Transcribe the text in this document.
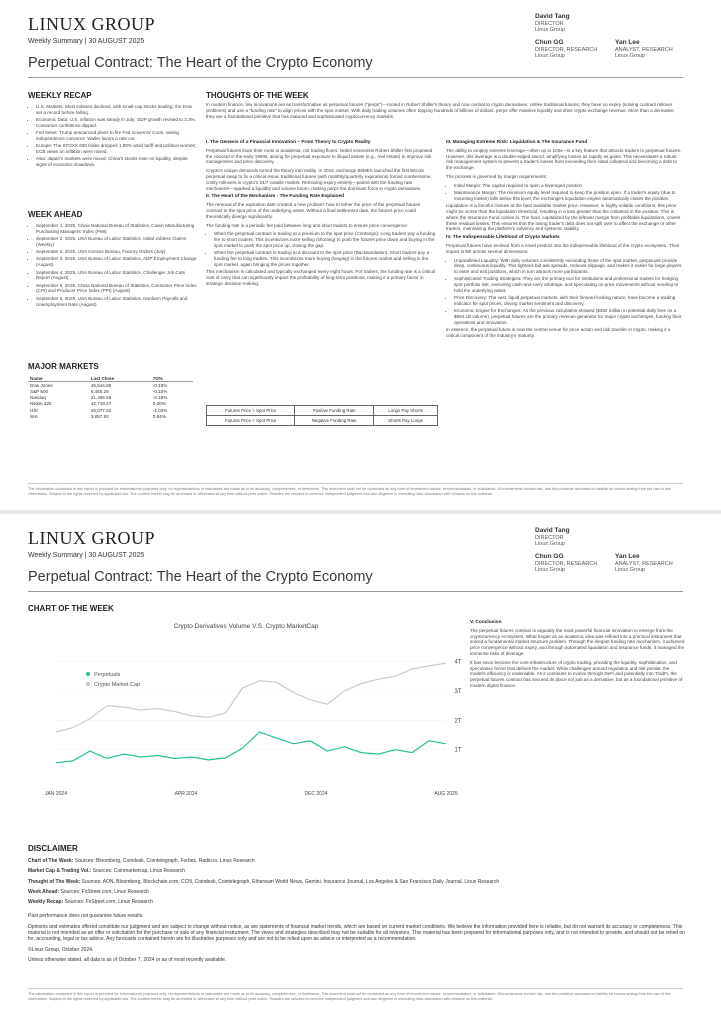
LINUX GROUP
Weekly Summary | 30 AUGUST 2025
David Tang
DIRECTOR
Linux Group
Chun GG
DIRECTOR, RESEARCH
Linux Group
Yan Lee
ANALYST, RESEARCH
Linux Group
Perpetual Contract: The Heart of the Crypto Economy
WEEKLY RECAP
• U.S. Markets: Most indexes declined, with small-cap stocks leading; the Dow set a record before falling.
• Economic Data: U.S. inflation was steady in July; GDP growth revised to 3.3%. Consumer confidence dipped.
• Fed News: Trump announced plans to fire Fed Governor Cook, raising independence concerns. Waller favors a rate cut.
• Europe: The STOXX 600 Index dropped 1.99% amid tariff and political worries; ECB views on inflation were mixed.
• Asia: Japan's markets were mixed; China's stocks rose on liquidity, despite signs of economic slowdown.
WEEK AHEAD
• September 1, 2025, China National Bureau of Statistics, Caixin Manufacturing Purchasing Managers' Index (PMI)
• September 2, 2025, USA Bureau of Labor Statistics, Initial Jobless Claims (Weekly)
• September 2, 2025, USA Census Bureau, Factory Orders (July)
• September 3, 2025, USA Bureau of Labor Statistics, ADP Employment Change (August)
• September 4, 2025, USA Bureau of Labor Statistics, Challenger Job Cuts Report (August)
• September 5, 2025, China National Bureau of Statistics, Consumer Price Index (CPI) and Producer Price Index (PPI) (August)
• September 5, 2025, USA Bureau of Labor Statistics, Nonfarm Payrolls and Unemployment Rate (August)
MAJOR MARKETS
Name	Last Close	7D%
Dow Jones	45,544.88	-0.19%
S&P 500	6,460.26	-0.10%
Nasdaq	21,455.55	-0.19%
Nikkei 225	42,718.47	0.20%
HSI	25,077.62	-1.03%
SHI	3,857.93	0.84%
THOUGHTS OF THE WEEK

In modern finance, few innovations are as transformative as perpetual futures ("perps")—rooted in Robert Shiller's theory and now central to crypto derivatives. Unlike traditional futures, they have no expiry (solving contract rollover problems) and use a "funding rate" to align prices with the spot market. With daily trading volumes often topping hundreds of billions of dollars, perps offer massive liquidity and drive crypto exchange revenue. More than a derivative, they are a foundational primitive that has matured and sophisticated cryptocurrency markets.

I. The Genesis of a Financial Innovation – From Theory to Crypto Reality

Perpetual futures trace their roots to academia, not trading floors: Nobel economist Robert Shiller first proposed the concept in the early 1990s, aiming for perpetual exposure to illiquid assets (e.g., real estate) to improve risk management and price discovery.

Crypto's unique demands turned the theory into reality. In 2016, exchange BitMEX launched the first Bitcoin perpetual swap to fix a critical issue: traditional futures (with monthly/quarterly expirations) forced cumbersome, costly rollovers in crypto's 24/7 volatile market. Removing expiry entirely—paired with the funding rate mechanism—sparked a liquidity and volume boom, making perps the dominant force in crypto derivatives.

II. The Heart of the Mechanism - The Funding Rate Explained

The removal of the expiration date created a new problem: how to tether the price of the perpetual futures contract to the spot price of the underlying asset. Without a final settlement date, the futures price could theoretically diverge significantly.

The funding rate is a periodic fee paid between long and short traders to ensure price convergence:

• When the perpetual contract is trading at a premium to the spot price (Contango): Long traders pay a funding fee to short traders. This incentivizes more selling (shorting) to push the futures price down and buying in the spot market to push the spot price up, closing the gap.
• When the perpetual contract is trading at a discount to the spot price (Backwardation): Short traders pay a funding fee to long traders. This incentivizes more buying (longing) in the futures market and selling in the spot market, again bringing the prices together.

This mechanism is calculated and typically exchanged every eight hours. For traders, the funding rate is a critical cost of carry that can significantly impact the profitability of long-term positions, making it a primary factor in strategic decision-making.

Futures Price > Spot Price	Positive Funding Rate	Longs Pay Shorts
Futures Price < Spot Price	Negative Funding Rate	Shorts Pay Longs
III. Managing Extreme Risk: Liquidation & The Insurance Fund

The ability to employ extreme leverage—often up to 100x—is a key feature that attracts traders to perpetual futures. However, this leverage is a double-edged sword, amplifying losses as rapidly as gains. This necessitates a robust risk management system to prevent a trader's losses from exceeding their initial collateral and becoming a debt to the exchange.

The process is governed by margin requirements:

• Initial Margin: The capital required to open a leveraged position.
• Maintenance Margin: The minimum equity level required to keep the position open. If a trader's equity (due to mounting losses) falls below this level, the exchange's liquidation engine automatically closes the position.

Liquidation is a forceful closure at the best available market price. However, in highly volatile conditions, this price might be worse than the liquidation threshold, resulting in a loss greater than the collateral in the position. This is where the Insurance Fund comes in. The fund, capitalized by the leftover margin from profitable liquidations, covers these residual losses. This ensures that the losing trader's debt does not spill over to affect the exchange or other traders, maintaining the platform's solvency and systemic stability.

IV. The Indispensable Lifeblood of Crypto Markets

Perpetual futures have evolved from a novel product into the indispensable lifeblood of the crypto ecosystem. Their impact is felt across several dimensions:

• Unparalleled Liquidity: With daily volumes consistently exceeding those of the spot market, perpetuals provide deep, continuous liquidity. This tightens bid-ask spreads, reduces slippage, and makes it easier for large players to enter and exit positions, which in turn attracts more participants.
• Sophisticated Trading Strategies: They are the primary tool for institutions and professional traders for hedging spot portfolio risk, executing cash-and-carry arbitrage, and speculating on price movements without needing to hold the underlying asset.
• Price Discovery: The vast, liquid perpetual markets, with their forward-looking nature, have become a leading indicator for spot prices, driving market sentiment and discovery.
• Economic Engine for Exchanges: As the previous calculation showed ($492 million in potential daily fees on a $984.1B volume), perpetual futures are the primary revenue generator for major crypto exchanges, funding their operations and innovation.

In essence, the perpetual future is now the central venue for price action and risk transfer in crypto, making it a critical component of the industry's maturity.

The information contained in this report is provided for informational purposes only; no representations or warranties are made as to its accuracy, completeness, or timeliness. This document shall not be construed as any form of investment advice, recommendation, or solicitation. All investments involve risk, and the publisher assumes no liability for losses arising from the use of this information. Subject to the rights reserved by applicable law. The content herein may be amended or withdrawn at any time without prior notice. Readers are advised to exercise independent judgment and due diligence in executing risks associated with reliance on this material.
LINUX GROUP
Weekly Summary | 30 AUGUST 2025
David Tang
DIRECTOR
Linux Group
Chun GG
DIRECTOR, RESEARCH
Linux Group
Yan Lee
ANALYST, RESEARCH
Linux Group
Perpetual Contract: The Heart of the Crypto Economy
CHART OF THE WEEK
Crypto Derivatives Volume V.S. Crypto MarketCap
Perpetuals
Crypto Market Cap
JAN 2024	APR 2024	DEC 2024	AUG 2025
1T
2T
3T
4T
V. Conclusion

The perpetual futures contract is arguably the most powerful financial innovation to emerge from the cryptocurrency ecosystem. What began as an academic idea was refined into a practical instrument that solved a fundamental market structure problem. Through the elegant funding rate mechanism, it achieved price convergence without expiry, and through automated liquidation and insurance funds, it managed the immense risks of leverage.

It has since become the core infrastructure of crypto trading, providing the liquidity, sophistication, and speculative fervor that defines the market. While challenges around regulation and risk persist, the model's efficiency is undeniable. As it continues to evolve through DeFi and potentially into TradFi, the perpetual futures contract has secured its place not just as a derivative, but as a foundational primitive of modern digital finance.

DISCLAIMER

Chart of The Week: Sources: Bloomberg, Coindesk, Cointelegraph, Forbes, Radio.io, Linux Research

Market Cap & Trading Vol.: Sources: Coinmarketcap, Linux Research

Thought of The Week: Sources: AON, Bloomberg, Blockchain.com, CCN, Coindesk, Cointelegraph, Ethereum World News, Gemini, Insurance Journal, Los Angeles & San Francisco Daily Journal, Linux Research

Week Ahead: Sources: FxStreet.com, Linux Research

Weekly Recap: Sources: FxStreet.com, Linux Research

Past performance does not guarantee future results.

Opinions and estimates offered constitute our judgment and are subject to change without notice, as are statements of financial market trends, which are based on current market conditions. We believe the information provided here is reliable, but do not warrant its accuracy or completeness. This material is not intended as an offer or solicitation for the purchase or sale of any financial instrument. The views and strategies described may not be suitable for all investors. This material has been prepared for informational purposes only, and is not intended to provide, and should not be relied on for, accounting, legal or tax advice. Any forecasts contained herein are for illustrative purposes only and are not to be relied upon as advice or interpreted as a recommendation.

©Linux Group, October 2024.

Unless otherwise stated, all data is as of October 7, 2024 or as of most recently available.

The information contained in this report is provided for informational purposes only; no representations or warranties are made as to its accuracy, completeness, or timeliness. This document shall not be construed as any form of investment advice, recommendation, or solicitation. All investments involve risk, and the publisher assumes no liability for losses arising from the use of this information. Subject to the rights reserved by applicable law. The content herein may be amended or withdrawn at any time without prior notice. Readers are advised to exercise independent judgment and due diligence in executing risks associated with reliance on this material.
